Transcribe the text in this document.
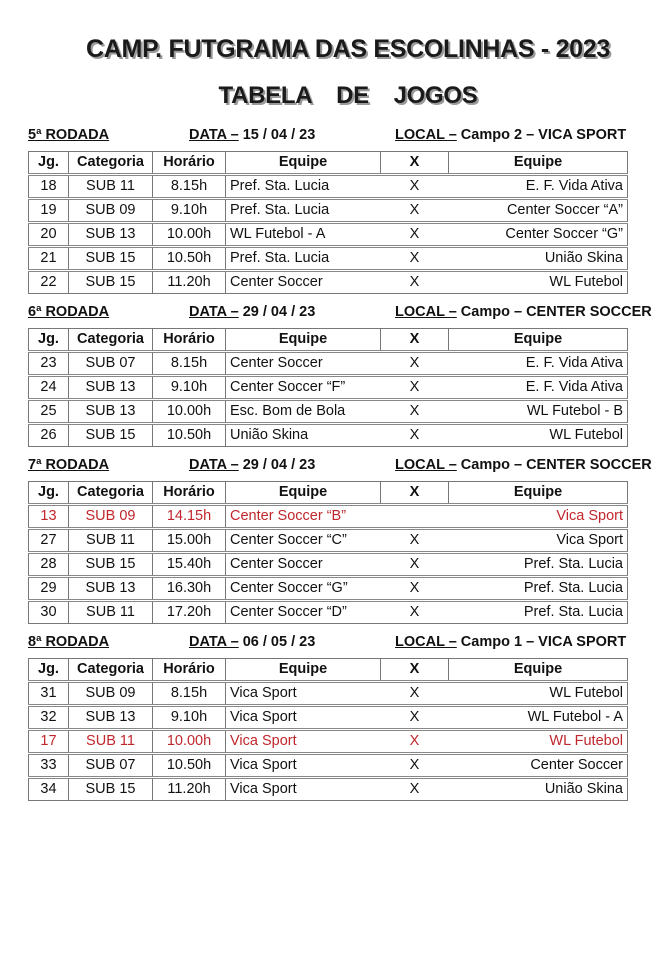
CAMP. FUTGRAMA DAS ESCOLINHAS - 2023
TABELA  DE  JOGOS
5ª RODADA	DATA – 15 / 04 / 23	LOCAL – Campo 2 – VICA SPORT
Jg.	Categoria	Horário	Equipe	X	Equipe
18	SUB 11	8.15h	Pref. Sta. Lucia	X	E. F. Vida Ativa
19	SUB 09	9.10h	Pref. Sta. Lucia	X	Center Soccer “A”
20	SUB 13	10.00h	WL Futebol - A	X	Center Soccer “G”
21	SUB 15	10.50h	Pref. Sta. Lucia	X	União Skina
22	SUB 15	11.20h	Center Soccer	X	WL Futebol
6ª RODADA	DATA – 29 / 04 / 23	LOCAL – Campo – CENTER SOCCER
Jg.	Categoria	Horário	Equipe	X	Equipe
23	SUB 07	8.15h	Center Soccer	X	E. F. Vida Ativa
24	SUB 13	9.10h	Center Soccer “F”	X	E. F. Vida Ativa
25	SUB 13	10.00h	Esc. Bom de Bola	X	WL Futebol - B
26	SUB 15	10.50h	União Skina	X	WL Futebol
7ª RODADA	DATA – 29 / 04 / 23	LOCAL – Campo – CENTER SOCCER
Jg.	Categoria	Horário	Equipe	X	Equipe
13	SUB 09	14.15h	Center Soccer “B”		Vica Sport
27	SUB 11	15.00h	Center Soccer “C”	X	Vica Sport
28	SUB 15	15.40h	Center Soccer	X	Pref. Sta. Lucia
29	SUB 13	16.30h	Center Soccer “G”	X	Pref. Sta. Lucia
30	SUB 11	17.20h	Center Soccer “D”	X	Pref. Sta. Lucia
8ª RODADA	DATA – 06 / 05 / 23	LOCAL – Campo 1 – VICA SPORT
Jg.	Categoria	Horário	Equipe	X	Equipe
31	SUB 09	8.15h	Vica Sport	X	WL Futebol
32	SUB 13	9.10h	Vica Sport	X	WL Futebol - A
17	SUB 11	10.00h	Vica Sport	X	WL Futebol
33	SUB 07	10.50h	Vica Sport	X	Center Soccer
34	SUB 15	11.20h	Vica Sport	X	União Skina
